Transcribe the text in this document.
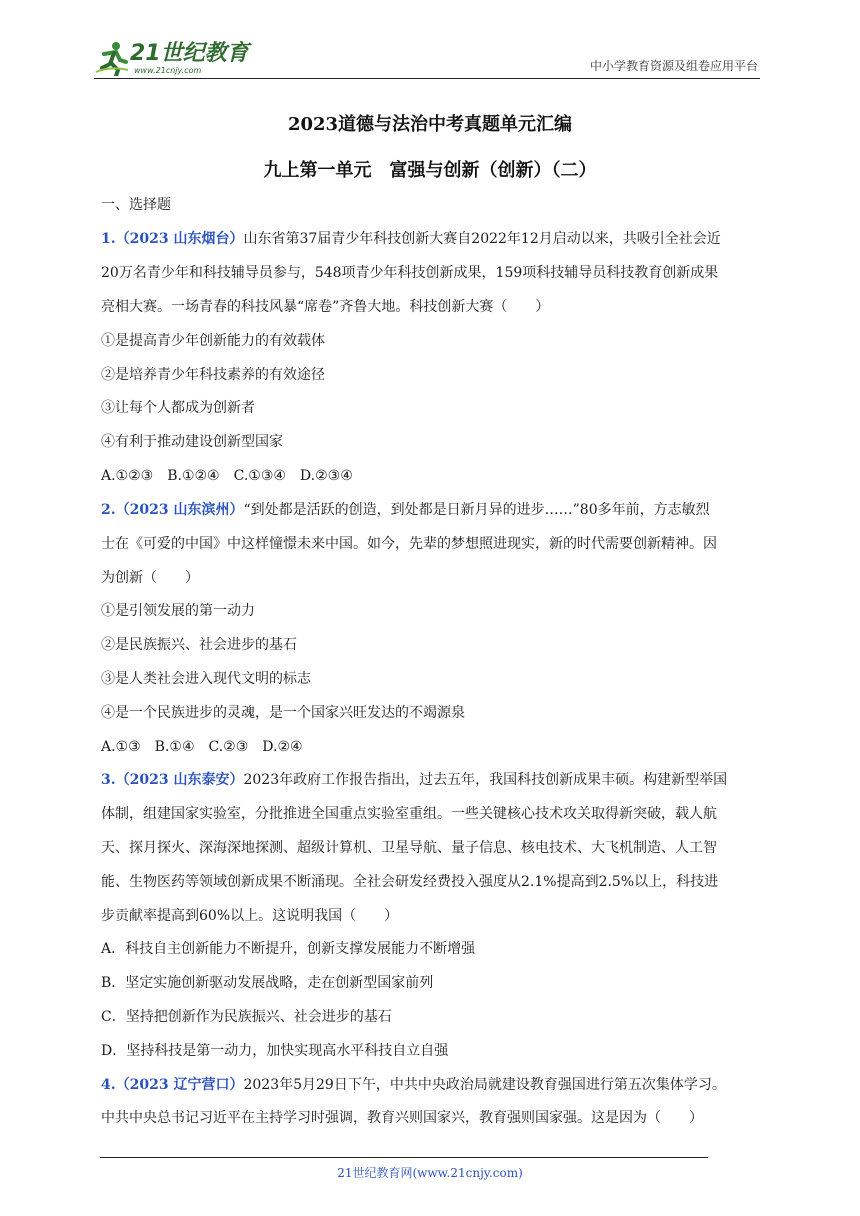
21世纪教育
www.21cnjy.com	中小学教育资源及组卷应用平台
2023道德与法治中考真题单元汇编
九上第一单元　富强与创新（创新）（二）
一、选择题
1.（2023 山东烟台）山东省第37届青少年科技创新大赛自2022年12月启动以来，共吸引全社会近
20万名青少年和科技辅导员参与，548项青少年科技创新成果，159项科技辅导员科技教育创新成果
亮相大赛。一场青春的科技风暴“席卷”齐鲁大地。科技创新大赛（　　）
①是提高青少年创新能力的有效载体
②是培养青少年科技素养的有效途径
③让每个人都成为创新者
④有利于推动建设创新型国家
A.①②③　B.①②④　C.①③④　D.②③④
2.（2023 山东滨州）“到处都是活跃的创造，到处都是日新月异的进步……”80多年前，方志敏烈
士在《可爱的中国》中这样憧憬未来中国。如今，先辈的梦想照进现实，新的时代需要创新精神。因
为创新（　　）
①是引领发展的第一动力
②是民族振兴、社会进步的基石
③是人类社会进入现代文明的标志
④是一个民族进步的灵魂，是一个国家兴旺发达的不竭源泉
A.①③　B.①④　C.②③　D.②④
3.（2023 山东泰安）2023年政府工作报告指出，过去五年，我国科技创新成果丰硕。构建新型举国
体制，组建国家实验室，分批推进全国重点实验室重组。一些关键核心技术攻关取得新突破，载人航
天、探月探火、深海深地探测、超级计算机、卫星导航、量子信息、核电技术、大飞机制造、人工智
能、生物医药等领域创新成果不断涌现。全社会研发经费投入强度从2.1%提高到2.5%以上，科技进
步贡献率提高到60%以上。这说明我国（　　）
A．科技自主创新能力不断提升，创新支撑发展能力不断增强
B．坚定实施创新驱动发展战略，走在创新型国家前列
C．坚持把创新作为民族振兴、社会进步的基石
D．坚持科技是第一动力，加快实现高水平科技自立自强
4.（2023 辽宁营口）2023年5月29日下午，中共中央政治局就建设教育强国进行第五次集体学习。
中共中央总书记习近平在主持学习时强调，教育兴则国家兴，教育强则国家强。这是因为（　　）
21世纪教育网(www.21cnjy.com)
